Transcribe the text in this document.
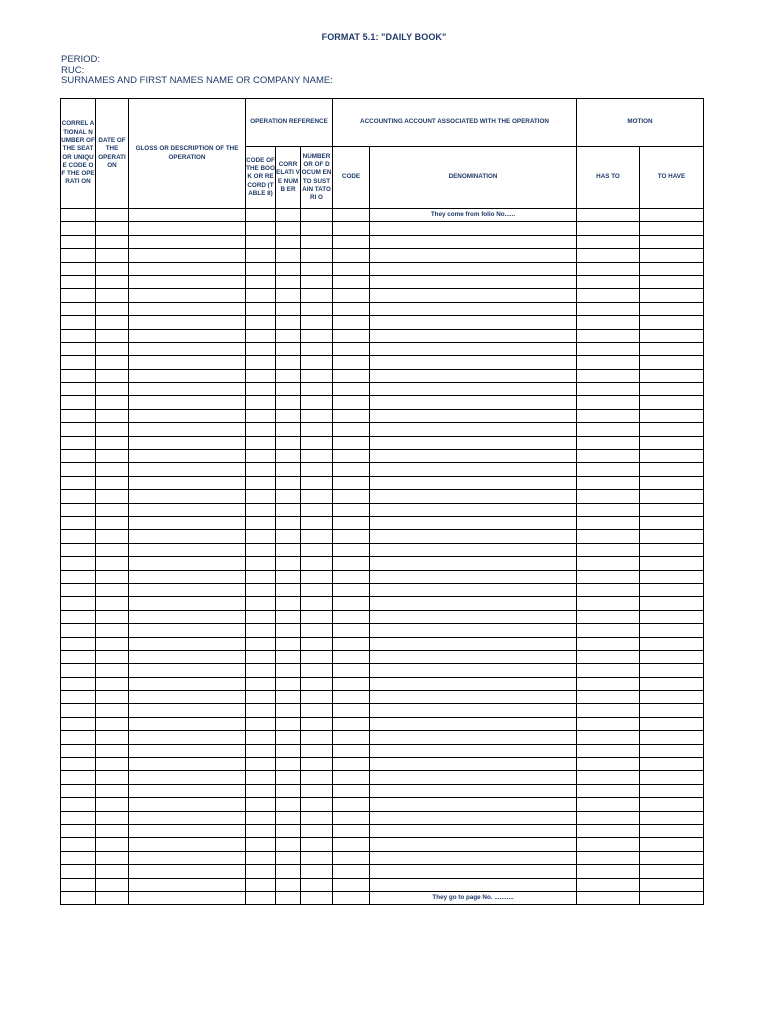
FORMAT 5.1: "DAILY BOOK"
PERIOD:
RUC:
SURNAMES AND FIRST NAMES NAME OR COMPANY NAME:
CORREL ATIONAL NUMBER OF THE SEAT OR UNIQUE CODE OF THE OPERATI ON	DATE OF THE OPERATI ON	GLOSS OR DESCRIPTION OF THE OPERATION	OPERATION REFERENCE			ACCOUNTING ACCOUNT ASSOCIATED WITH THE OPERATION		MOTION	
			CODE OF THE BOOK OR RECORD (TABLE 8)	CORR ELATI VE NUMB ER	NUMBER OR OF DOCUM ENTO SUSTAIN TATORI O	CODE	DENOMINATION	HAS TO	TO HAVE
							They come from folio No......		

							They go to page No. ...........		
